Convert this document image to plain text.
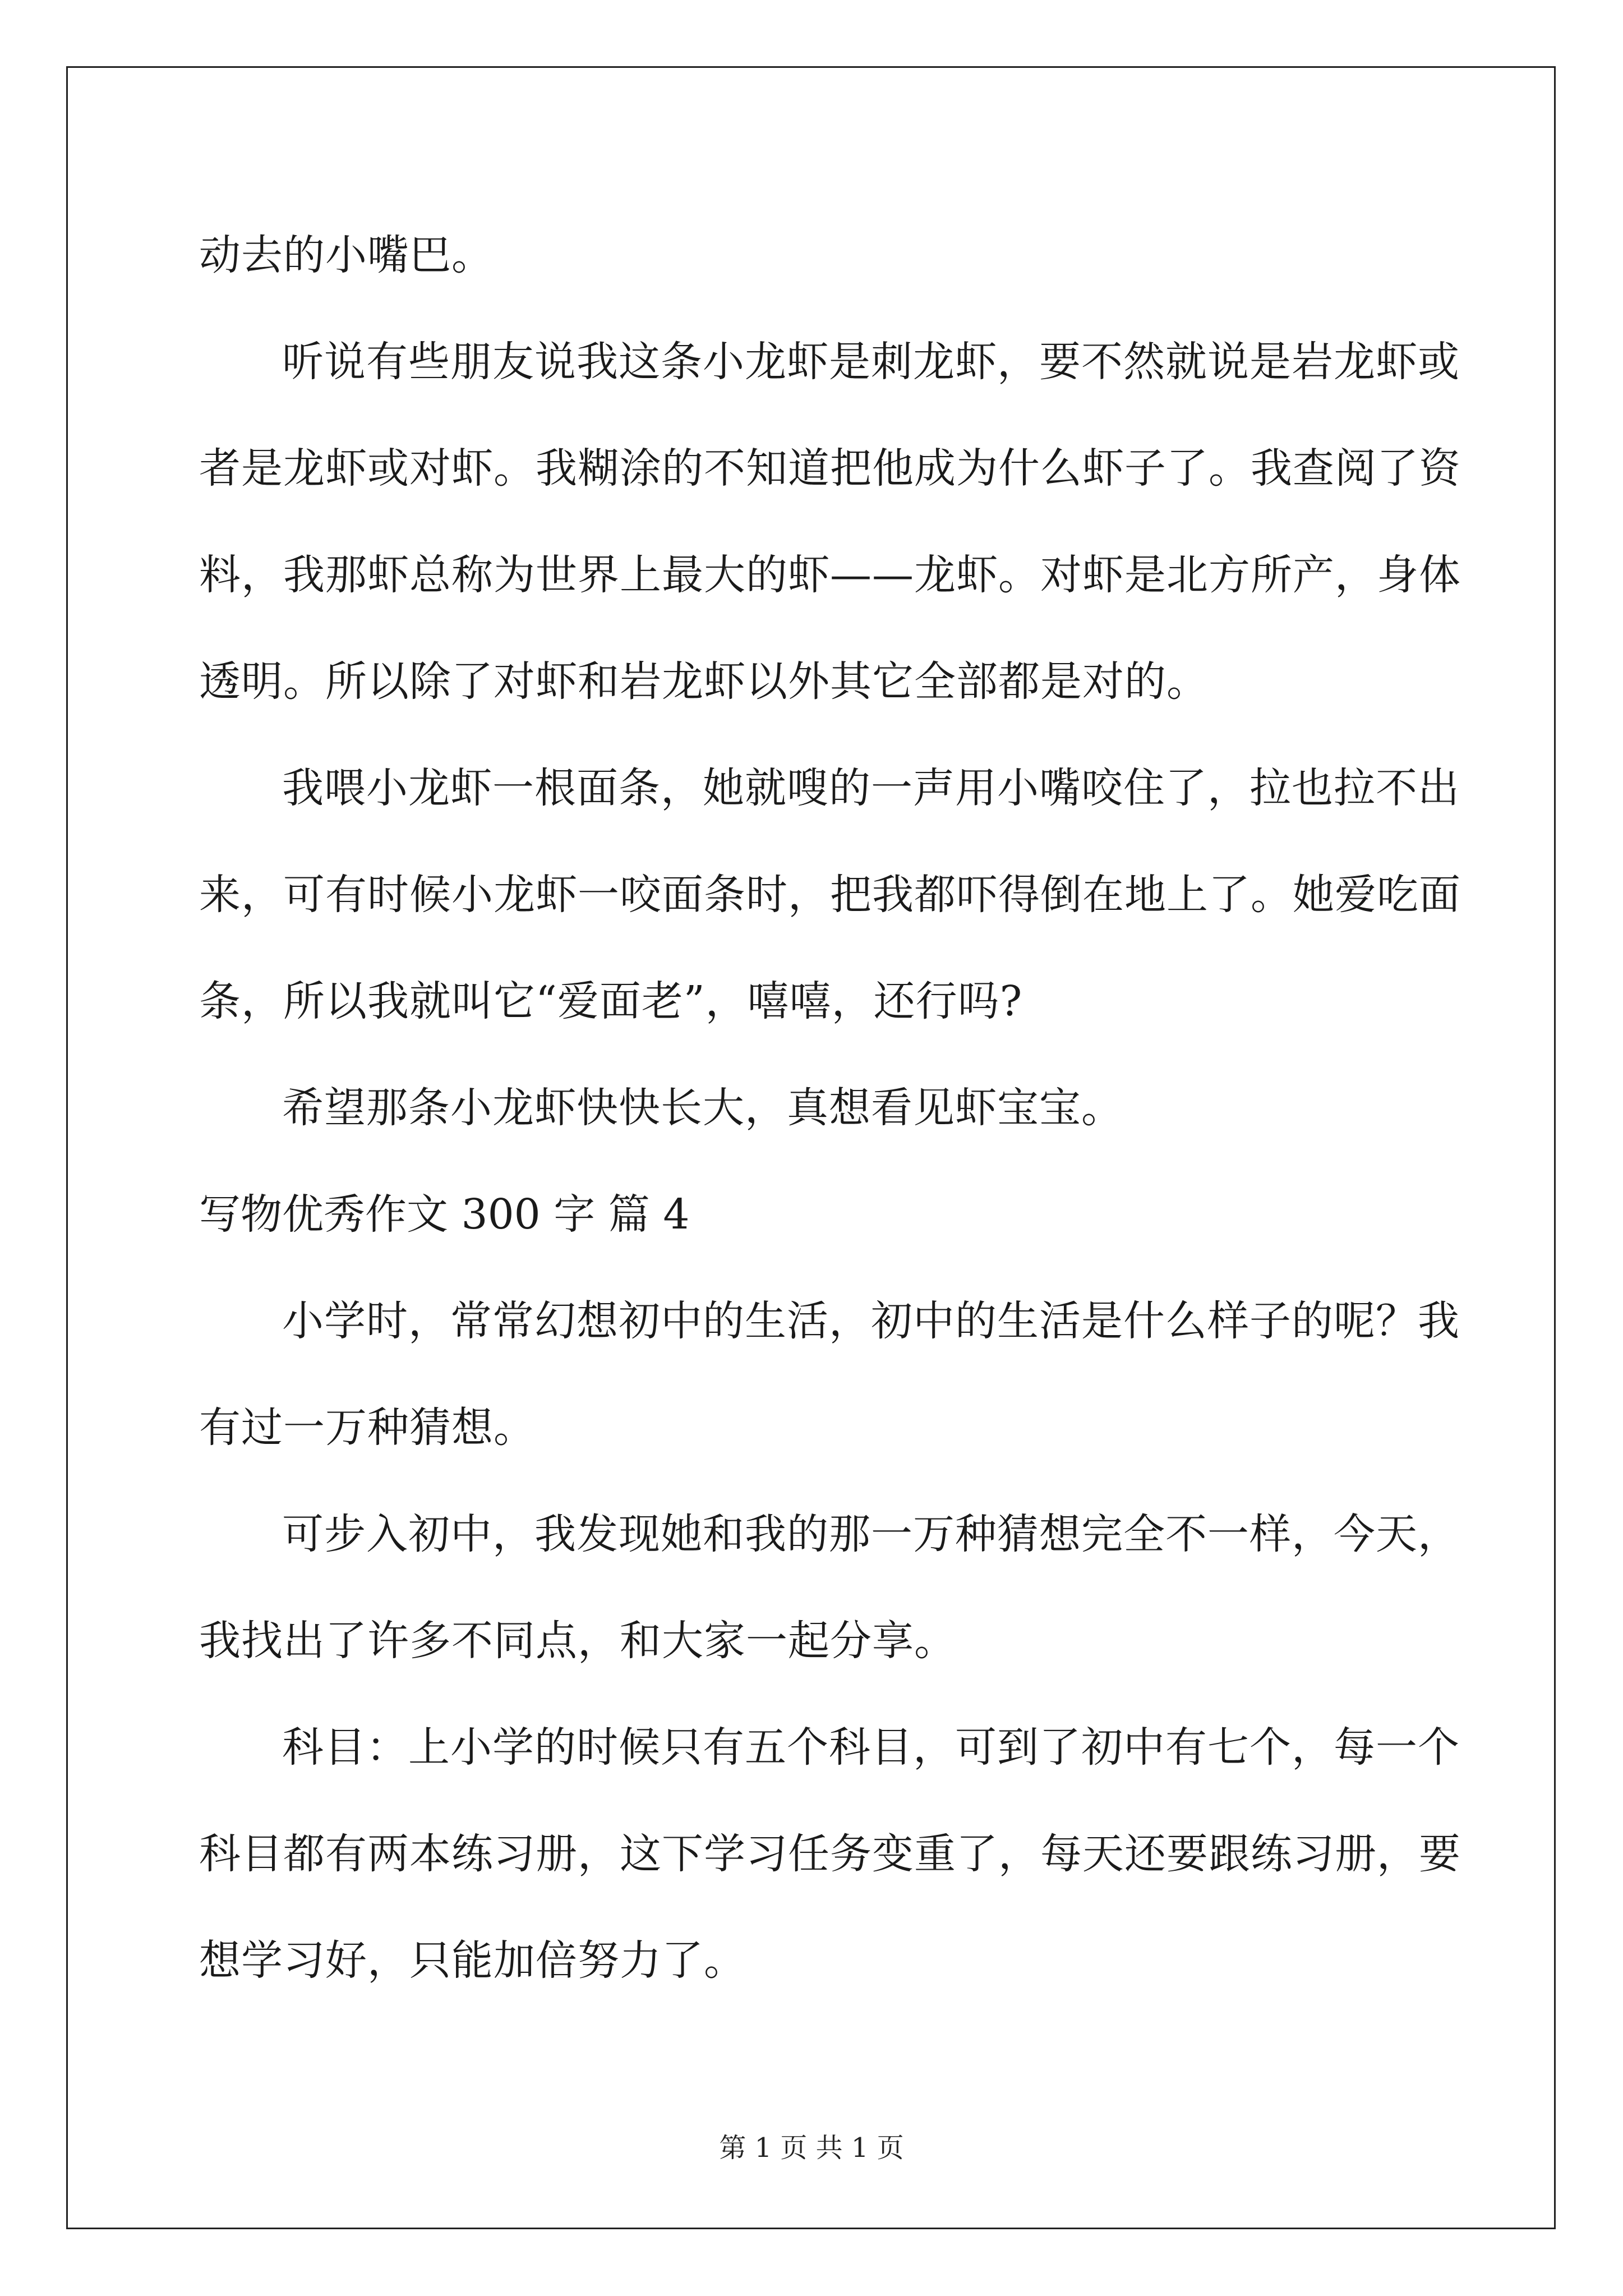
动去的小嘴巴。
听说有些朋友说我这条小龙虾是刺龙虾，要不然就说是岩龙虾或
者是龙虾或对虾。我糊涂的不知道把他成为什么虾子了。我查阅了资
料，我那虾总称为世界上最大的虾——龙虾。对虾是北方所产，身体
透明。所以除了对虾和岩龙虾以外其它全部都是对的。
我喂小龙虾一根面条，她就嗖的一声用小嘴咬住了，拉也拉不出
来，可有时候小龙虾一咬面条时，把我都吓得倒在地上了。她爱吃面
条，所以我就叫它“爱面老”，嘻嘻，还行吗?
希望那条小龙虾快快长大，真想看见虾宝宝。
写物优秀作文 300 字 篇 4
小学时，常常幻想初中的生活，初中的生活是什么样子的呢？我
有过一万种猜想。
可步入初中，我发现她和我的那一万种猜想完全不一样，今天，
我找出了许多不同点，和大家一起分享。
科目：上小学的时候只有五个科目，可到了初中有七个，每一个
科目都有两本练习册，这下学习任务变重了，每天还要跟练习册，要
想学习好，只能加倍努力了。
第 1 页 共 1 页
